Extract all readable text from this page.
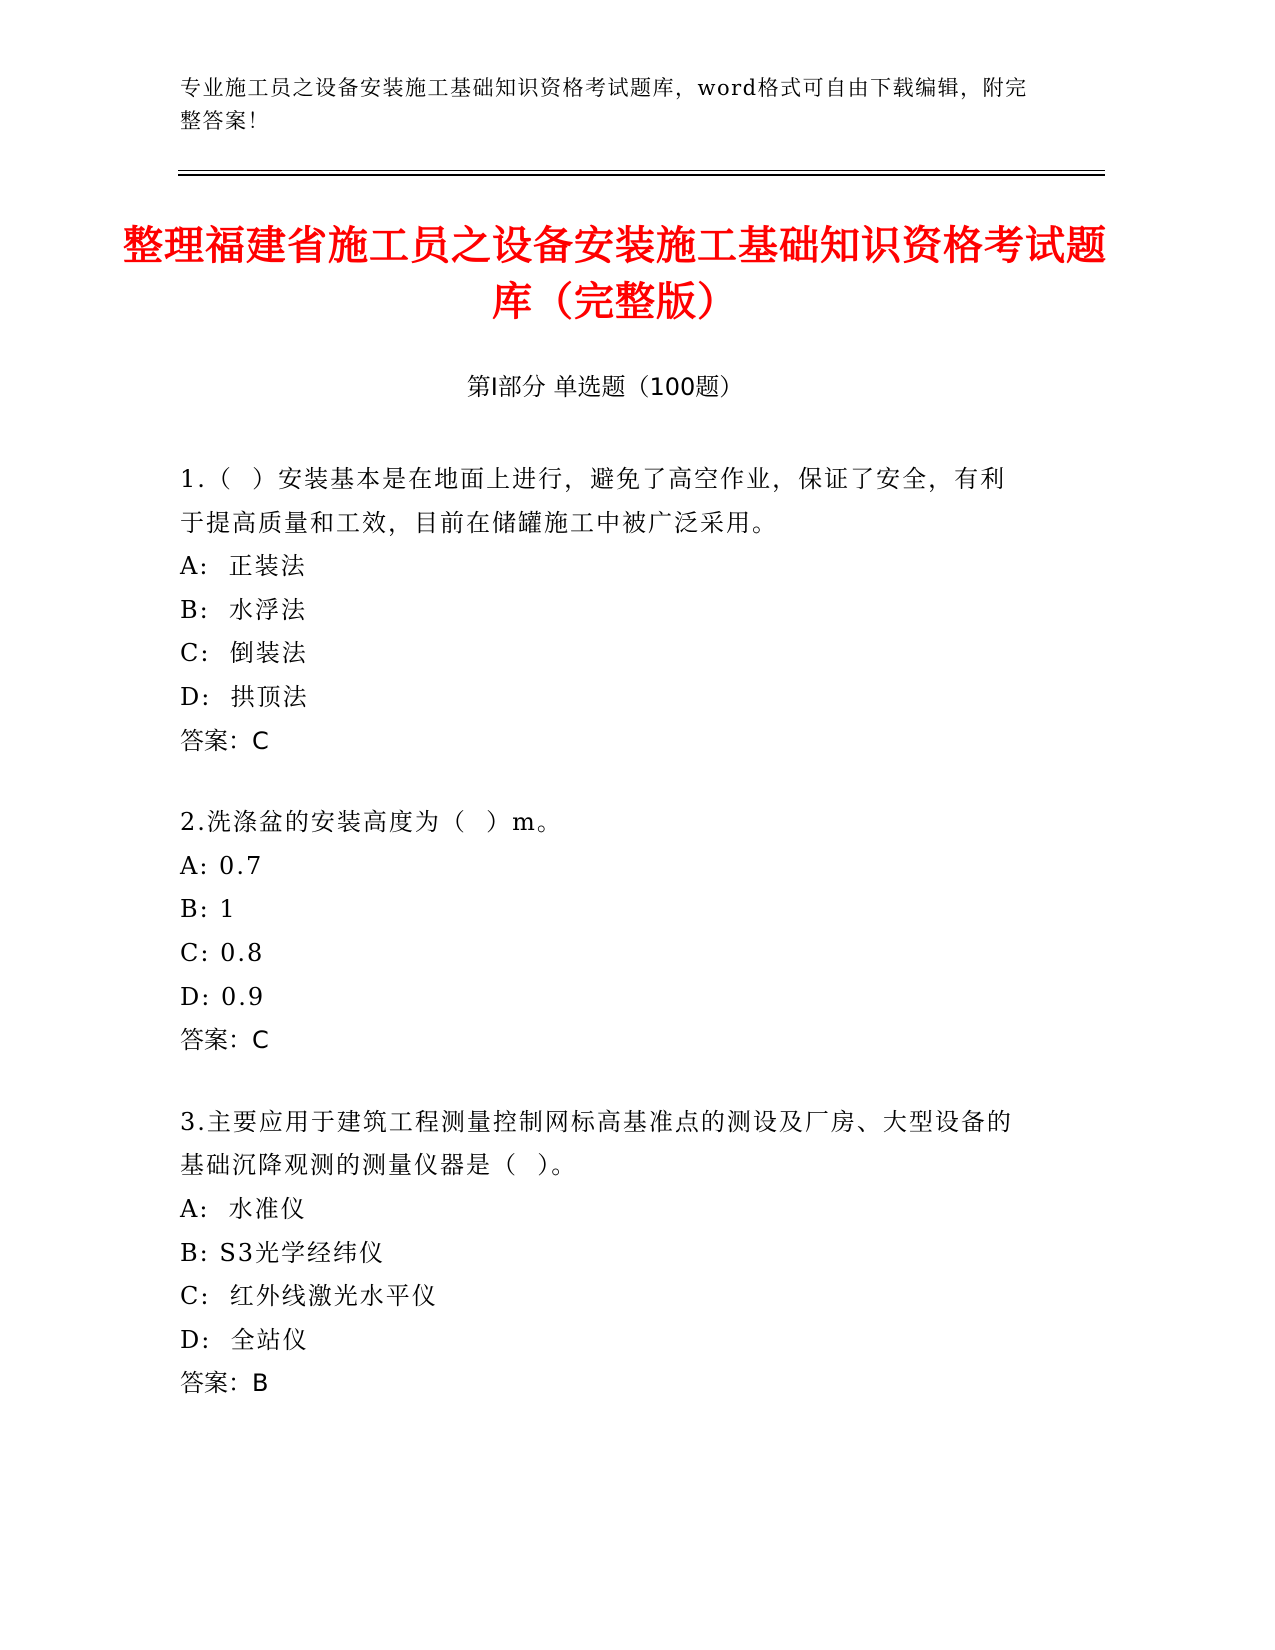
专业施工员之设备安装施工基础知识资格考试题库，word格式可自由下载编辑，附完整答案！
整理福建省施工员之设备安装施工基础知识资格考试题库（完整版）
第Ⅰ部分 单选题（100题）
1.（  ）安装基本是在地面上进行，避免了高空作业，保证了安全，有利于提高质量和工效，目前在储罐施工中被广泛采用。
A:  正装法
B:  水浮法
C:  倒装法
D:  拱顶法
答案：C
2.洗涤盆的安装高度为（  ）m。
A: 0.7
B: 1
C: 0.8
D: 0.9
答案：C
3.主要应用于建筑工程测量控制网标高基准点的测设及厂房、大型设备的基础沉降观测的测量仪器是（  ）。
A:  水准仪
B: S3光学经纬仪
C:  红外线激光水平仪
D:  全站仪
答案：B
